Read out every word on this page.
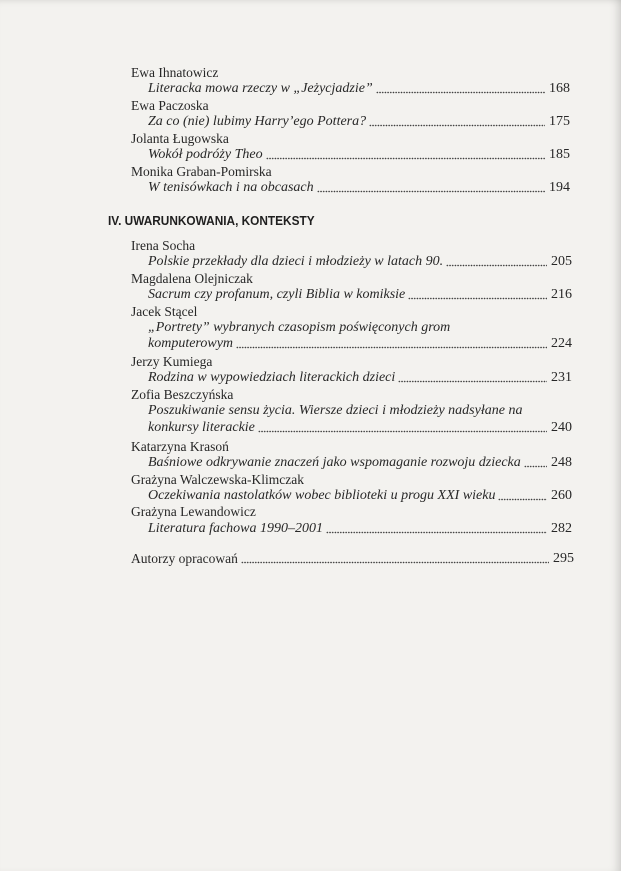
Ewa Ihnatowicz
Literacka mowa rzeczy w „Jeżycjadzie”	168
Ewa Paczoska
Za co (nie) lubimy Harry’ego Pottera?	175
Jolanta Ługowska
Wokół podróży Theo	185
Monika Graban-Pomirska
W tenisówkach i na obcasach	194
IV. UWARUNKOWANIA, KONTEKSTY
Irena Socha
Polskie przekłady dla dzieci i młodzieży w latach 90.	205
Magdalena Olejniczak
Sacrum czy profanum, czyli Biblia w komiksie	216
Jacek Stącel
„Portrety” wybranych czasopism poświęconych grom
komputerowym	224
Jerzy Kumiega
Rodzina w wypowiedziach literackich dzieci	231
Zofia Beszczyńska
Poszukiwanie sensu życia. Wiersze dzieci i młodzieży nadsyłane na
konkursy literackie	240
Katarzyna Krasoń
Baśniowe odkrywanie znaczeń jako wspomaganie rozwoju dziecka 248
Grażyna Walczewska-Klimczak
Oczekiwania nastolatków wobec biblioteki u progu XXI wieku	260
Grażyna Lewandowicz
Literatura fachowa 1990–2001	282
Autorzy opracowań	295
